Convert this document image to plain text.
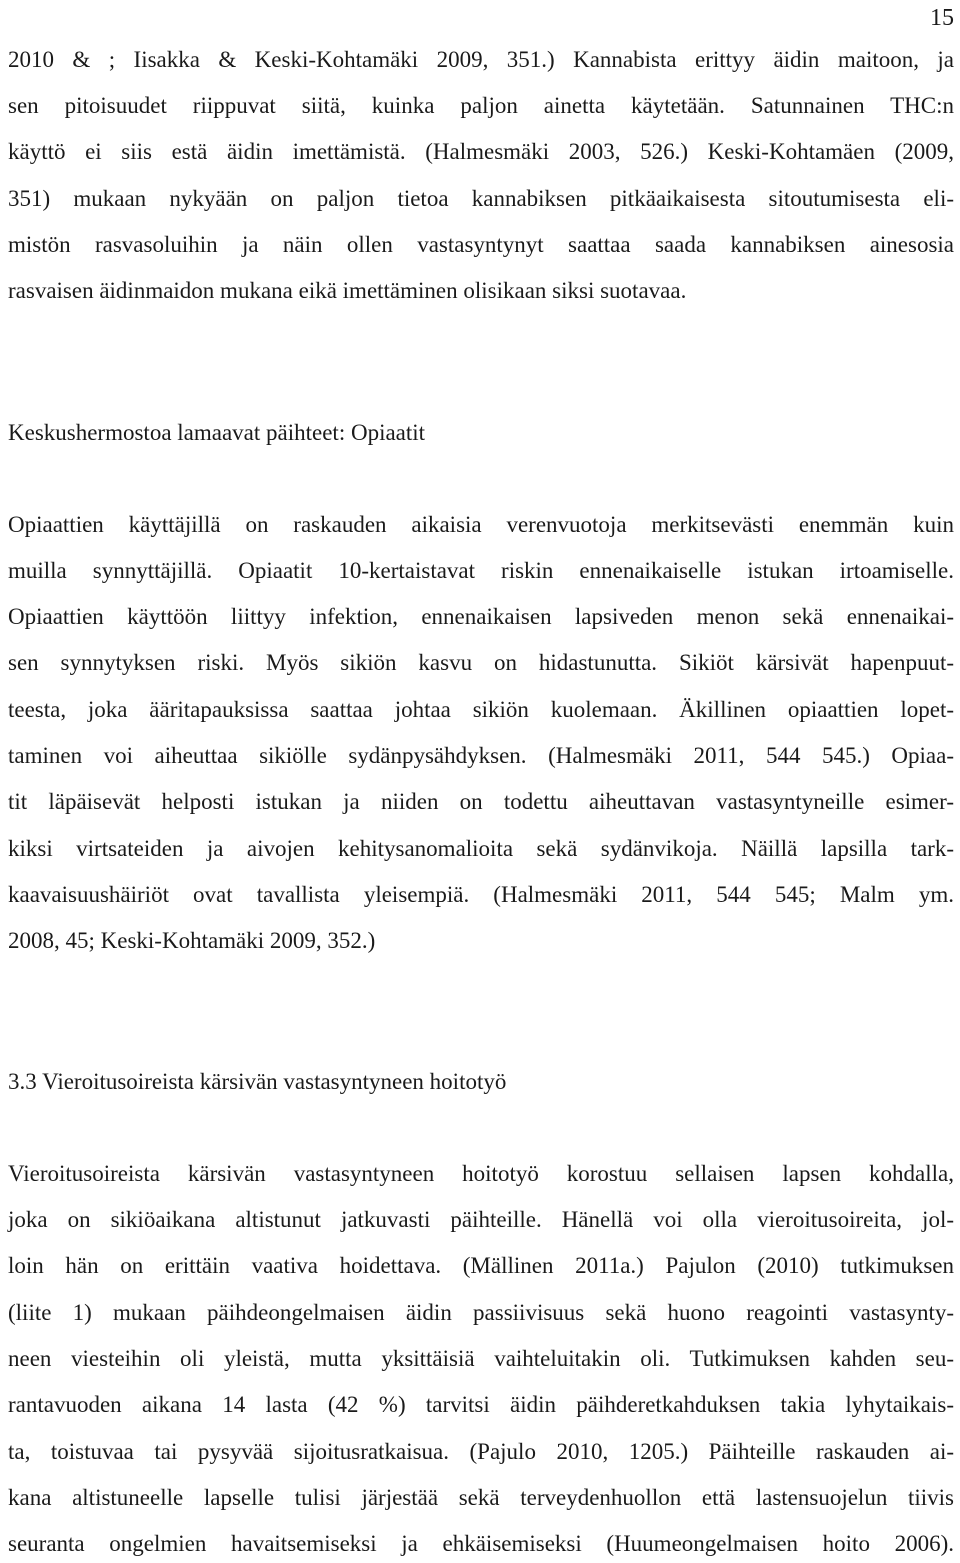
15
2010 & ; Iisakka & Keski-Kohtamäki 2009, 351.) Kannabista erittyy äidin maitoon, ja
sen pitoisuudet riippuvat siitä, kuinka paljon ainetta käytetään. Satunnainen THC:n
käyttö ei siis estä äidin imettämistä. (Halmesmäki 2003, 526.) Keski-Kohtamäen (2009,
351) mukaan nykyään on paljon tietoa kannabiksen pitkäaikaisesta sitoutumisesta eli-
mistön rasvasoluihin ja näin ollen vastasyntynyt saattaa saada kannabiksen ainesosia
rasvaisen äidinmaidon mukana eikä imettäminen olisikaan siksi suotavaa.
Keskushermostoa lamaavat päihteet: Opiaatit
Opiaattien käyttäjillä on raskauden aikaisia verenvuotoja merkitsevästi enemmän kuin
muilla synnyttäjillä. Opiaatit 10-kertaistavat riskin ennenaikaiselle istukan irtoamiselle.
Opiaattien käyttöön liittyy infektion, ennenaikaisen lapsiveden menon sekä ennenaikai-
sen synnytyksen riski. Myös sikiön kasvu on hidastunutta. Sikiöt kärsivät hapenpuut-
teesta, joka ääritapauksissa saattaa johtaa sikiön kuolemaan. Äkillinen opiaattien lopet-
taminen voi aiheuttaa sikiölle sydänpysähdyksen. (Halmesmäki 2011, 544 545.) Opiaa-
tit läpäisevät helposti istukan ja niiden on todettu aiheuttavan vastasyntyneille esimer-
kiksi virtsateiden ja aivojen kehitysanomalioita sekä sydänvikoja. Näillä lapsilla tark-
kaavaisuushäiriöt ovat tavallista yleisempiä. (Halmesmäki 2011, 544 545; Malm ym.
2008, 45; Keski-Kohtamäki 2009, 352.)
3.3 Vieroitusoireista kärsivän vastasyntyneen hoitotyö
Vieroitusoireista kärsivän vastasyntyneen hoitotyö korostuu sellaisen lapsen kohdalla,
joka on sikiöaikana altistunut jatkuvasti päihteille. Hänellä voi olla vieroitusoireita, jol-
loin hän on erittäin vaativa hoidettava. (Mällinen 2011a.) Pajulon (2010) tutkimuksen
(liite 1) mukaan päihdeongelmaisen äidin passiivisuus sekä huono reagointi vastasynty-
neen viesteihin oli yleistä, mutta yksittäisiä vaihteluitakin oli. Tutkimuksen kahden seu-
rantavuoden aikana 14 lasta (42 %) tarvitsi äidin päihderetkahduksen takia lyhytaikais-
ta, toistuvaa tai pysyvää sijoitusratkaisua. (Pajulo 2010, 1205.) Päihteille raskauden ai-
kana altistuneelle lapselle tulisi järjestää sekä terveydenhuollon että lastensuojelun tiivis
seuranta ongelmien havaitsemiseksi ja ehkäisemiseksi (Huumeongelmaisen hoito 2006).
